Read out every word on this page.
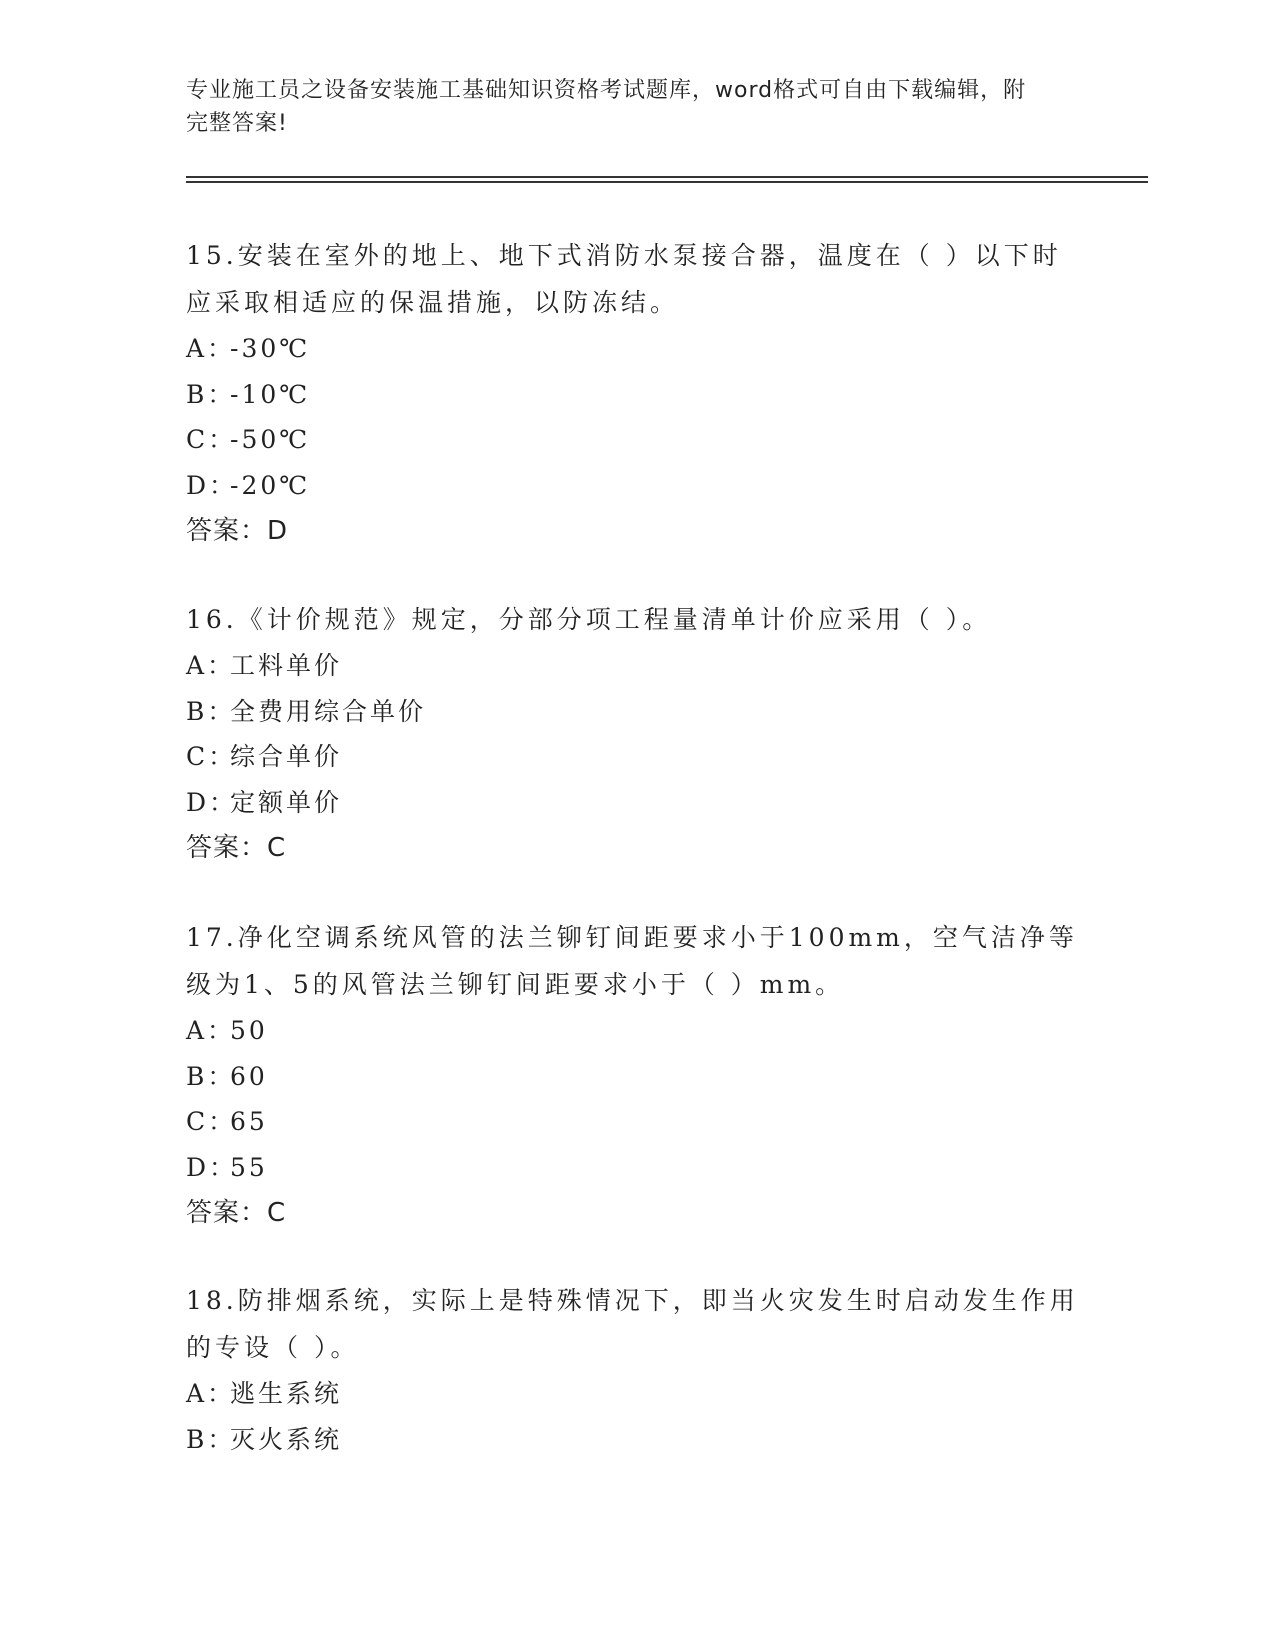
专业施工员之设备安装施工基础知识资格考试题库，word格式可自由下载编辑，附完整答案!

15.安装在室外的地上、地下式消防水泵接合器，温度在（ ）以下时应采取相适应的保温措施，以防冻结。

A：
-30℃
B：
-10℃
C：
-50℃
D：
-20℃
答案：D

16.《计价规范》规定，分部分项工程量清单计价应采用（ ）。

A：
工料单价
B：
全费用综合单价
C：
综合单价
D：
定额单价
答案：C

17.净化空调系统风管的法兰铆钉间距要求小于100mm，空气洁净等级为1、5的风管法兰铆钉间距要求小于（ ）mm。

A：
50
B：
60
C：
65
D：
55
答案：C

18.防排烟系统，实际上是特殊情况下，即当火灾发生时启动发生作用的专设（ ）。

A：
逃生系统
B：
灭火系统
